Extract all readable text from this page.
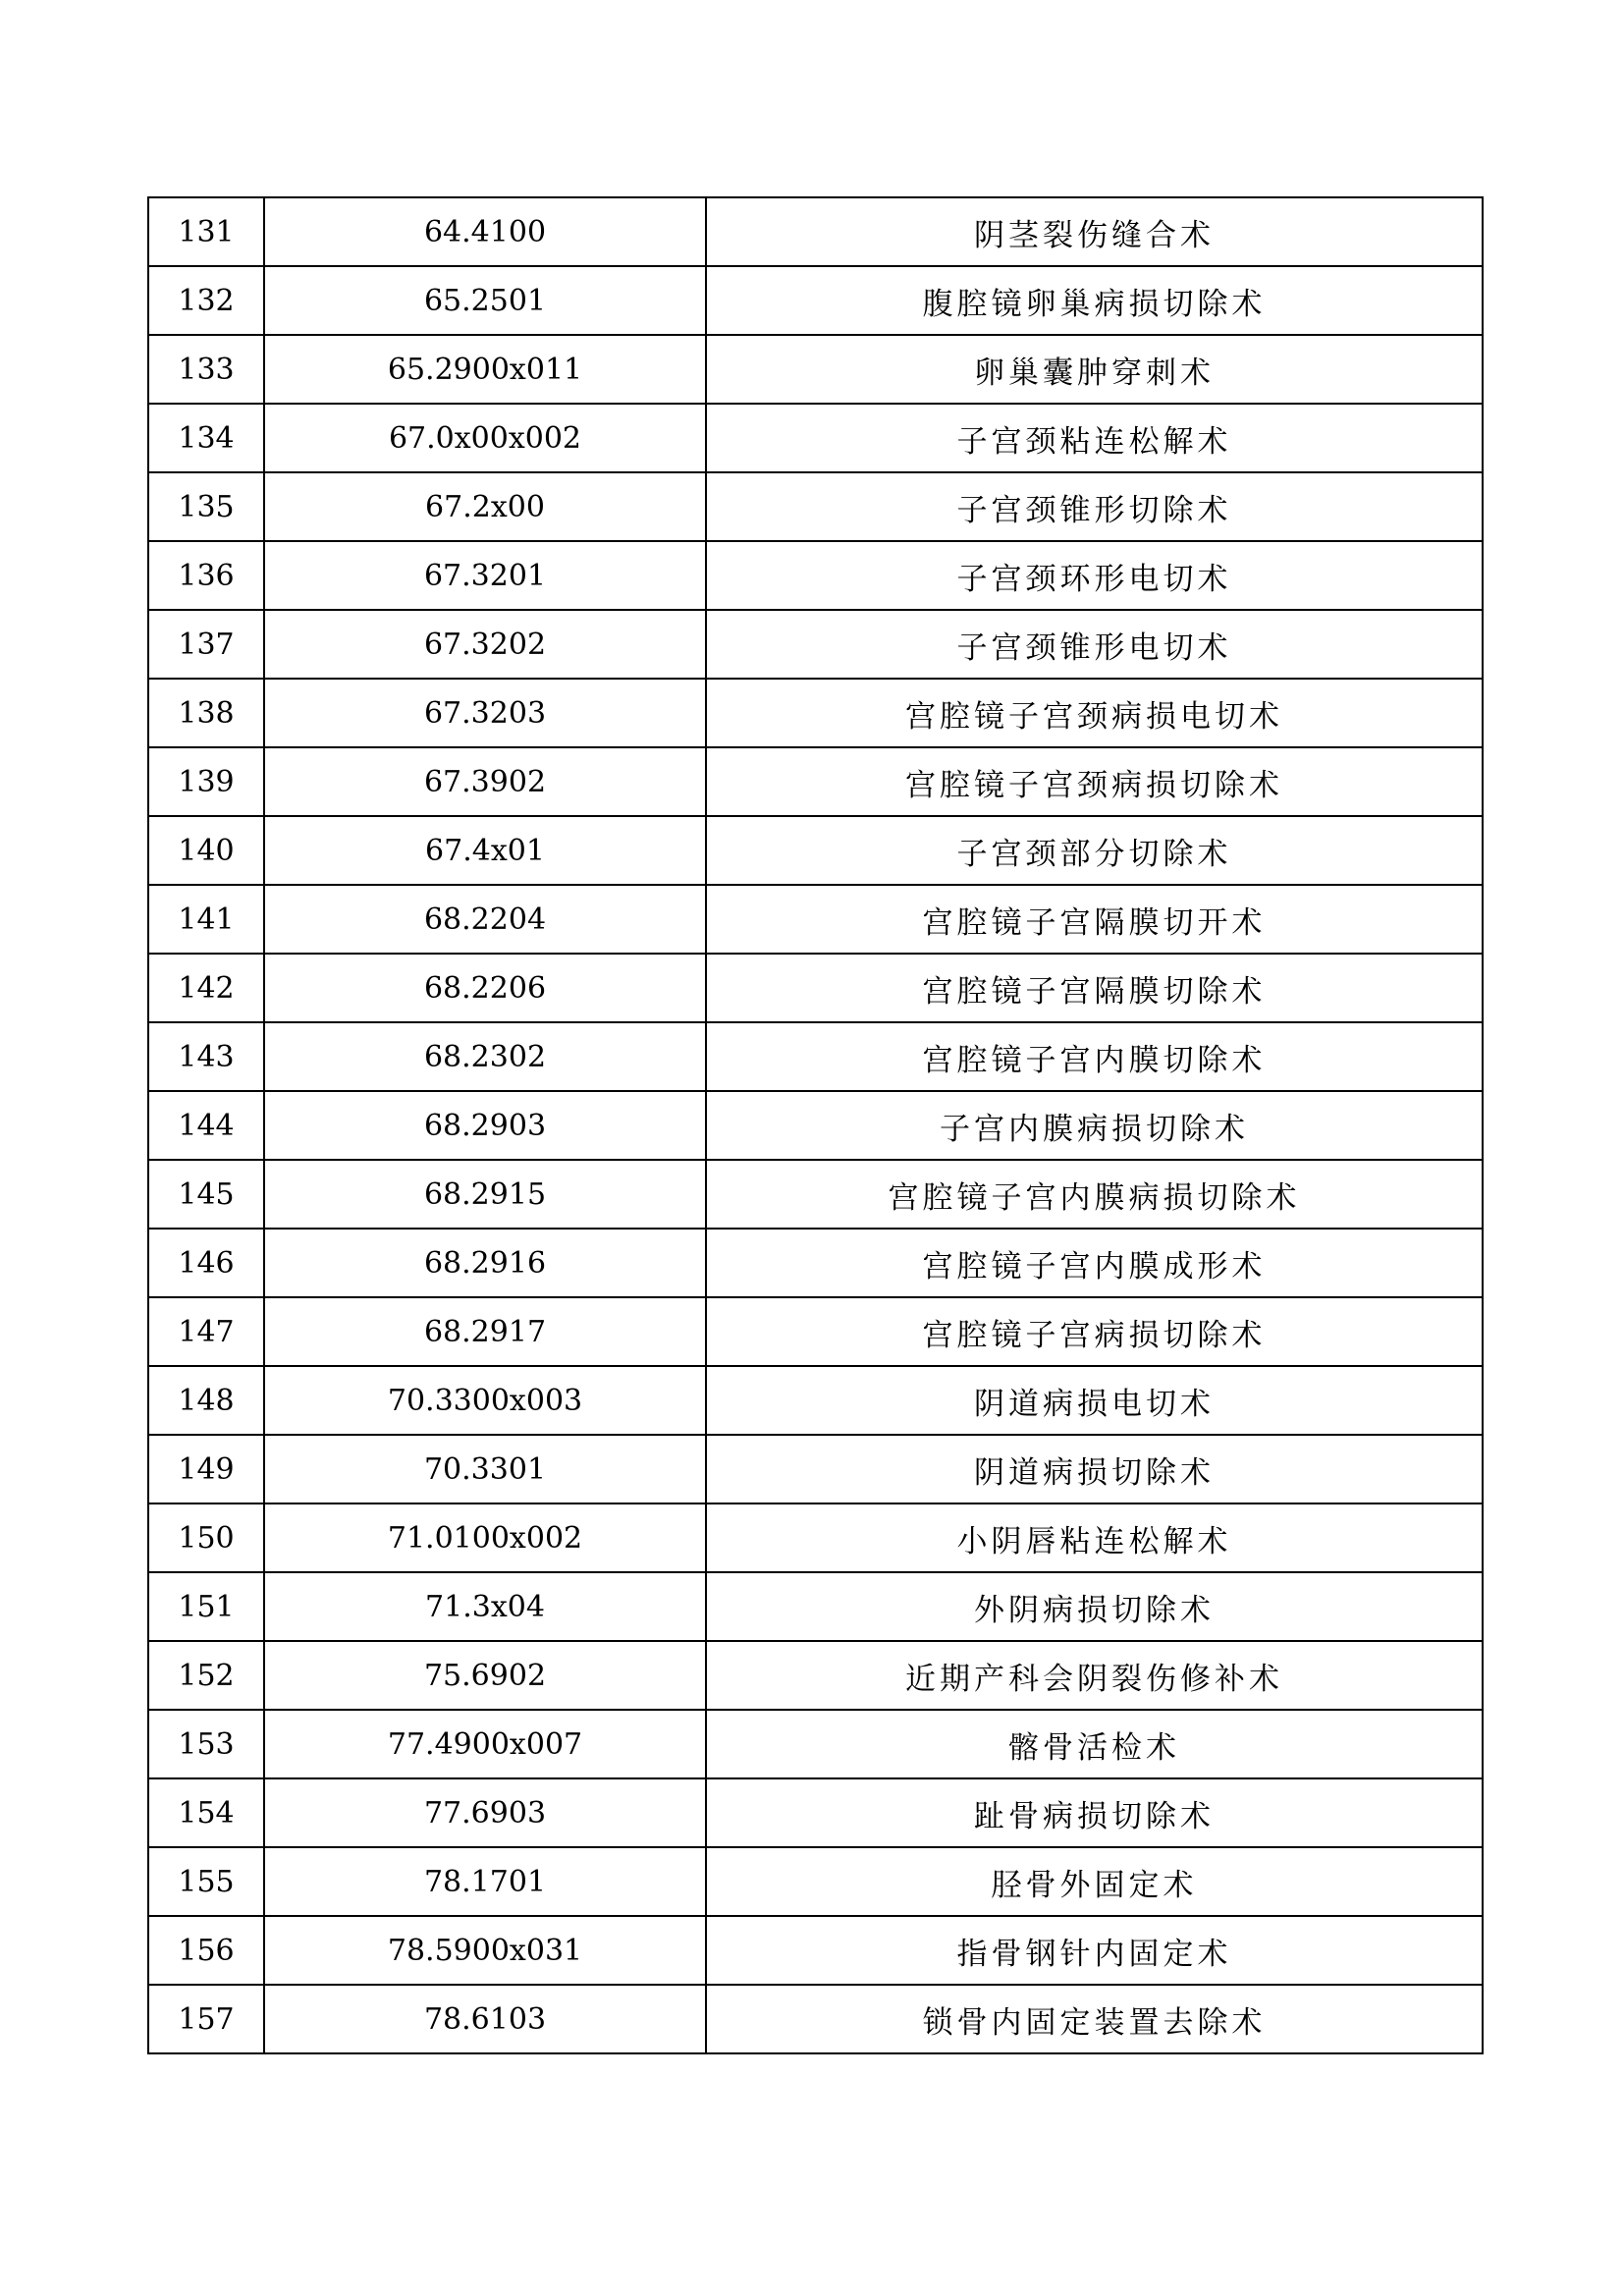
131	64.4100	阴茎裂伤缝合术
132	65.2501	腹腔镜卵巢病损切除术
133	65.2900x011	卵巢囊肿穿刺术
134	67.0x00x002	子宫颈粘连松解术
135	67.2x00	子宫颈锥形切除术
136	67.3201	子宫颈环形电切术
137	67.3202	子宫颈锥形电切术
138	67.3203	宫腔镜子宫颈病损电切术
139	67.3902	宫腔镜子宫颈病损切除术
140	67.4x01	子宫颈部分切除术
141	68.2204	宫腔镜子宫隔膜切开术
142	68.2206	宫腔镜子宫隔膜切除术
143	68.2302	宫腔镜子宫内膜切除术
144	68.2903	子宫内膜病损切除术
145	68.2915	宫腔镜子宫内膜病损切除术
146	68.2916	宫腔镜子宫内膜成形术
147	68.2917	宫腔镜子宫病损切除术
148	70.3300x003	阴道病损电切术
149	70.3301	阴道病损切除术
150	71.0100x002	小阴唇粘连松解术
151	71.3x04	外阴病损切除术
152	75.6902	近期产科会阴裂伤修补术
153	77.4900x007	髂骨活检术
154	77.6903	趾骨病损切除术
155	78.1701	胫骨外固定术
156	78.5900x031	指骨钢针内固定术
157	78.6103	锁骨内固定装置去除术
